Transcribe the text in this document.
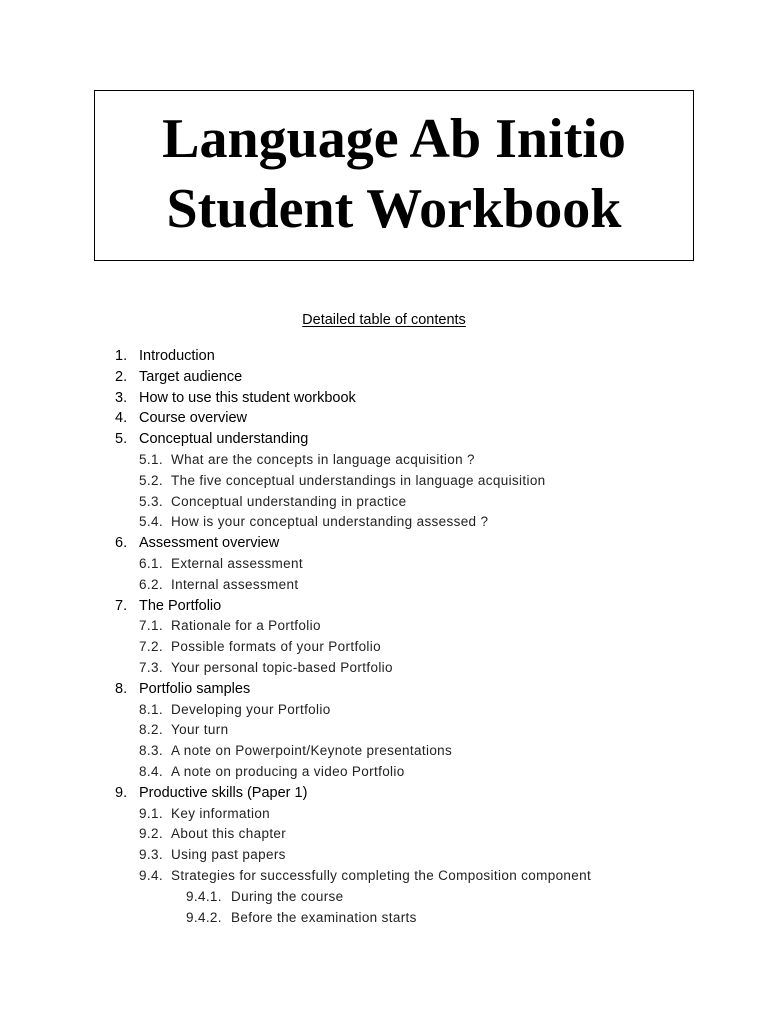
Language Ab Initio
Student Workbook
Detailed table of contents
1. Introduction
2. Target audience
3. How to use this student workbook
4. Course overview
5. Conceptual understanding
5.1. What are the concepts in language acquisition ?
5.2. The five conceptual understandings in language acquisition
5.3. Conceptual understanding in practice
5.4. How is your conceptual understanding assessed ?
6. Assessment overview
6.1. External assessment
6.2. Internal assessment
7. The Portfolio
7.1. Rationale for a Portfolio
7.2. Possible formats of your Portfolio
7.3. Your personal topic-based Portfolio
8. Portfolio samples
8.1. Developing your Portfolio
8.2. Your turn
8.3. A note on Powerpoint/Keynote presentations
8.4. A note on producing a video Portfolio
9. Productive skills (Paper 1)
9.1. Key information
9.2. About this chapter
9.3. Using past papers
9.4. Strategies for successfully completing the Composition component
9.4.1. During the course
9.4.2. Before the examination starts
